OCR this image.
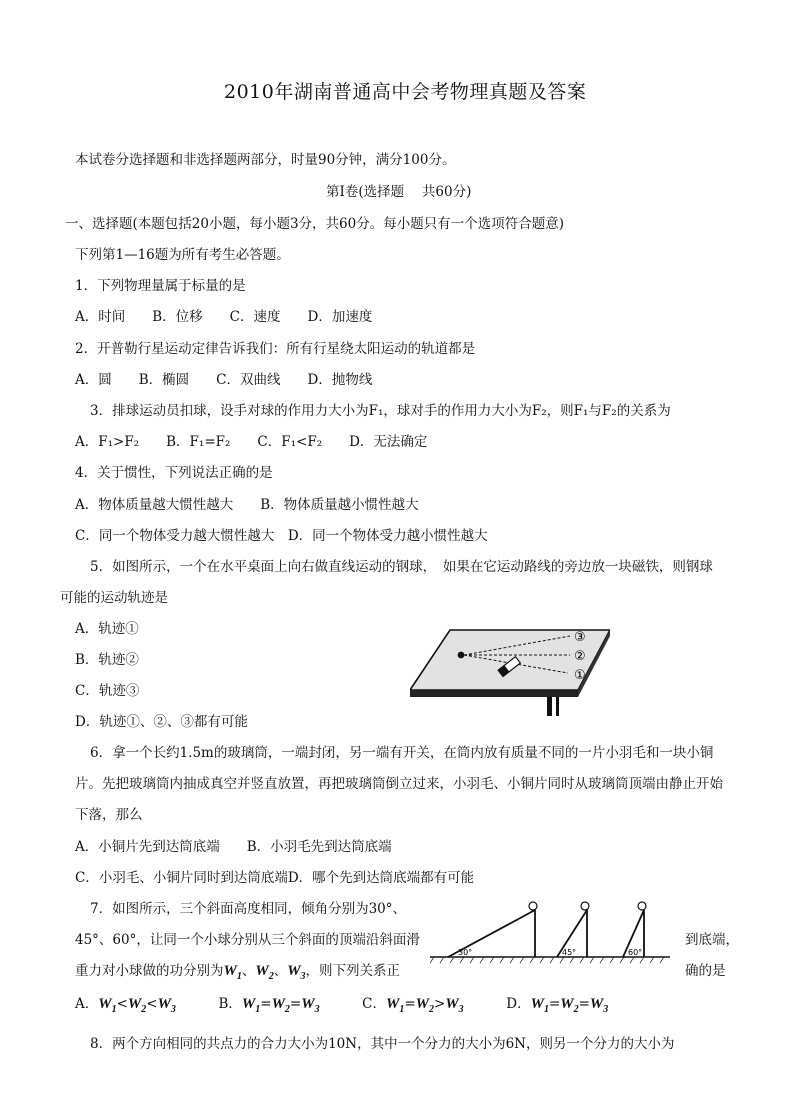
2010年湖南普通高中会考物理真题及答案
本试卷分选择题和非选择题两部分，时量90分钟，满分100分。
第Ⅰ卷(选择题　 共60分)
一、选择题(本题包括20小题，每小题3分，共60分。每小题只有一个选项符合题意)
下列第1—16题为所有考生必答题。
1．下列物理量属于标量的是
A．时间　　B．位移　　C．速度　　D．加速度
2．开普勒行星运动定律告诉我们：所有行星绕太阳运动的轨道都是
A．圆　　B．椭圆　　C．双曲线　　D．抛物线
3．排球运动员扣球，设手对球的作用力大小为F₁，球对手的作用力大小为F₂，则F₁与F₂的关系为
A．F₁>F₂　　B．F₁=F₂　　C．F₁<F₂　　D．无法确定
4．关于惯性，下列说法正确的是
A．物体质量越大惯性越大　　B．物体质量越小惯性越大
C．同一个物体受力越大惯性越大　D．同一个物体受力越小惯性越大
5．如图所示，一个在水平桌面上向右做直线运动的钢球，　如果在它运动路线的旁边放一块磁铁，则钢球
可能的运动轨迹是
A．轨迹①
B．轨迹②
C．轨迹③
D．轨迹①、②、③都有可能
③
②
①
6．拿一个长约1.5m的玻璃筒，一端封闭，另一端有开关，在筒内放有质量不同的一片小羽毛和一块小铜
片。先把玻璃筒内抽成真空并竖直放置，再把玻璃筒倒立过来，小羽毛、小铜片同时从玻璃筒顶端由静止开始
下落，那么
A．小铜片先到达筒底端　　B．小羽毛先到达筒底端
C．小羽毛、小铜片同时到达筒底端D．哪个先到达筒底端都有可能
7．如图所示，三个斜面高度相同，倾角分别为30°、
45°、60°，让同一个小球分别从三个斜面的顶端沿斜面滑	到底端，
重力对小球做的功分别为$W_1$、$W_2$、$W_3$，则下列关系正	确的是
30°	45°	60°
A．$W_1<W_2<W_3$	B．$W_1=W_2=W_3$	C．$W_1=W_2>W_3$	D．$W_1=W_2=W_3$
8．两个方向相同的共点力的合力大小为10N，其中一个分力的大小为6N，则另一个分力的大小为
